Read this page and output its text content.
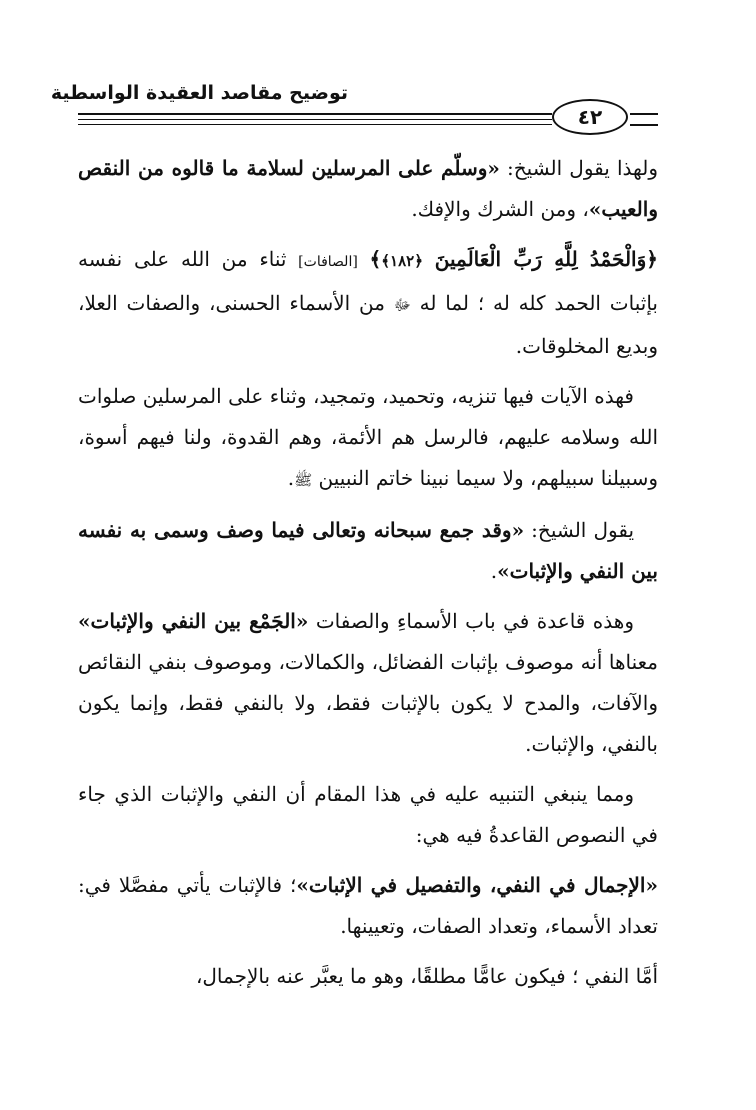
توضيح مقاصد العقيدة الواسطية
٤٢

ولهذا يقول الشيخ: «وسلّم على المرسلين لسلامة ما قالوه من النقص والعيب»، ومن الشرك والإفك.

﴿وَالْحَمْدُ لِلَّهِ رَبِّ الْعَالَمِينَ ﴿١٨٢﴾﴾ [الصافات] ثناء من الله على نفسه بإثبات الحمد كله له ؛ لما له ﷻ من الأسماء الحسنى، والصفات العلا، وبديع المخلوقات.

فهذه الآيات فيها تنزيه، وتحميد، وتمجيد، وثناء على المرسلين صلوات الله وسلامه عليهم، فالرسل هم الأئمة، وهم القدوة، ولنا فيهم أسوة، وسبيلنا سبيلهم، ولا سيما نبينا خاتم النبيين ﷺ.

يقول الشيخ: «وقد جمع سبحانه وتعالى فيما وصف وسمى به نفسه بين النفي والإثبات».

وهذه قاعدة في باب الأسماءِ والصفات «الجَمْع بين النفي والإثبات» معناها أنه موصوف بإثبات الفضائل، والكمالات، وموصوف بنفي النقائص والآفات، والمدح لا يكون بالإثبات فقط، ولا بالنفي فقط، وإنما يكون بالنفي، والإثبات.

ومما ينبغي التنبيه عليه في هذا المقام أن النفي والإثبات الذي جاء في النصوص القاعدةُ فيه هي:

«الإجمال في النفي، والتفصيل في الإثبات»؛ فالإثبات يأتي مفصَّلا في: تعداد الأسماء، وتعداد الصفات، وتعيينها.

أمَّا النفي ؛ فيكون عامًّا مطلقًا، وهو ما يعبَّر عنه بالإجمال،
